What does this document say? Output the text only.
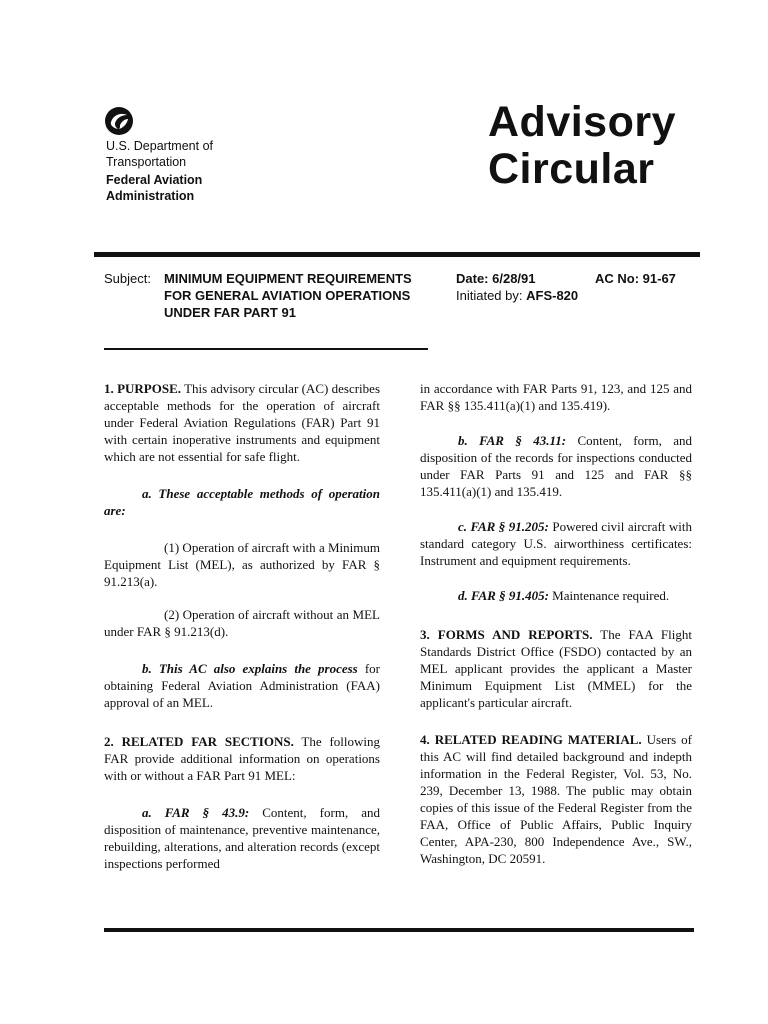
U.S. Department of
Transportation
Federal Aviation
Administration
Advisory
Circular
Subject: MINIMUM EQUIPMENT REQUIREMENTS
FOR GENERAL AVIATION OPERATIONS
UNDER FAR PART 91
Date: 6/28/91
Initiated by: AFS-820
AC No: 91-67

1. PURPOSE. This advisory circular (AC) describes acceptable methods for the operation of aircraft under Federal Aviation Regulations (FAR) Part 91 with certain inoperative instruments and equipment which are not essential for safe flight.

a. These acceptable methods of operation are:

(1) Operation of aircraft with a Minimum Equipment List (MEL), as authorized by FAR § 91.213(a).

(2) Operation of aircraft without an MEL under FAR § 91.213(d).

b. This AC also explains the process for obtaining Federal Aviation Administration (FAA) approval of an MEL.

2. RELATED FAR SECTIONS. The following FAR provide additional information on operations with or without a FAR Part 91 MEL:

a. FAR § 43.9: Content, form, and disposition of maintenance, preventive maintenance, rebuilding, alterations, and alteration records (except inspections performed

in accordance with FAR Parts 91, 123, and 125 and FAR §§ 135.411(a)(1) and 135.419).

b. FAR § 43.11: Content, form, and disposition of the records for inspections conducted under FAR Parts 91 and 125 and FAR §§ 135.411(a)(1) and 135.419.

c. FAR § 91.205: Powered civil aircraft with standard category U.S. airworthiness certificates: Instrument and equipment requirements.

d. FAR § 91.405: Maintenance required.

3. FORMS AND REPORTS. The FAA Flight Standards District Office (FSDO) contacted by an MEL applicant provides the applicant a Master Minimum Equipment List (MMEL) for the applicant's particular aircraft.

4. RELATED READING MATERIAL. Users of this AC will find detailed background and indepth information in the Federal Register, Vol. 53, No. 239, December 13, 1988. The public may obtain copies of this issue of the Federal Register from the FAA, Office of Public Affairs, Public Inquiry Center, APA-230, 800 Independence Ave., SW., Washington, DC 20591.
